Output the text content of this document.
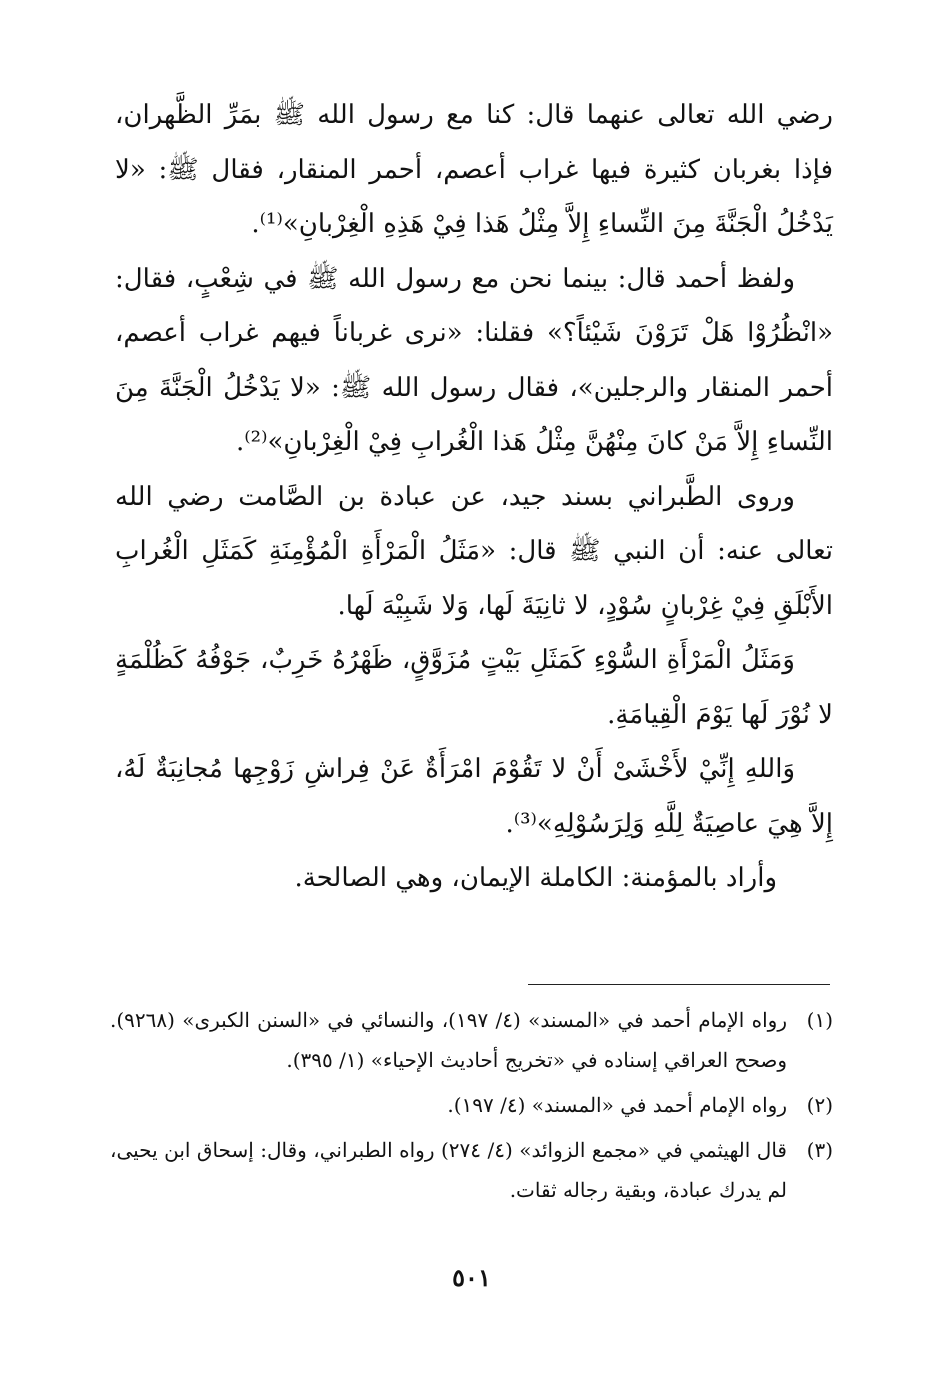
رضي الله تعالى عنهما قال: كنا مع رسول الله ﷺ بمَرِّ الظَّهران، فإذا بغربان كثيرة فيها غراب أعصم، أحمر المنقار، فقال ﷺ: «لا يَدْخُلُ الْجَنَّةَ مِنَ النِّساءِ إِلاَّ مِثْلُ هَذا فِيْ هَذِهِ الْغِرْبانِ»⁽¹⁾.

ولفظ أحمد قال: بينما نحن مع رسول الله ﷺ في شِعْبٍ، فقال: «انْظُرُوْا هَلْ تَرَوْنَ شَيْئاً؟» فقلنا: «نرى غرباناً فيهم غراب أعصم، أحمر المنقار والرجلين»، فقال رسول الله ﷺ: «لا يَدْخُلُ الْجَنَّةَ مِنَ النِّساءِ إِلاَّ مَنْ كانَ مِنْهُنَّ مِثْلُ هَذا الْغُرابِ فِيْ الْغِرْبانِ»⁽²⁾.

وروى الطَّبراني بسند جيد، عن عبادة بن الصَّامت رضي الله تعالى عنه: أن النبي ﷺ قال: «مَثَلُ الْمَرْأَةِ الْمُؤْمِنَةِ كَمَثَلِ الْغُرابِ الأَبْلَقِ فِيْ غِرْبانٍ سُوْدٍ، لا ثانِيَةَ لَها، وَلا شَبِيْهَ لَها.

وَمَثَلُ الْمَرْأَةِ السُّوْءِ كَمَثَلِ بَيْتٍ مُزَوَّقٍ، ظَهْرُهُ خَرِبٌ، جَوْفُهُ كَظُلْمَةٍ لا نُوْرَ لَها يَوْمَ الْقِيامَةِ.

وَاللهِ إِنِّيْ لأَخْشَىْ أَنْ لا تَقُوْمَ امْرَأَةٌ عَنْ فِراشِ زَوْجِها مُجانِبَةٌ لَهُ، إِلاَّ هِيَ عاصِيَةٌ لِلَّهِ وَلِرَسُوْلِهِ»⁽³⁾.

وأراد بالمؤمنة: الكاملة الإيمان، وهي الصالحة.

(١)
رواه الإمام أحمد في «المسند» (٤/ ١٩٧)، والنسائي في «السنن الكبرى» (٩٢٦٨). وصحح العراقي إسناده في «تخريج أحاديث الإحياء» (١/ ٣٩٥).
(٢)
رواه الإمام أحمد في «المسند» (٤/ ١٩٧).
(٣)
قال الهيثمي في «مجمع الزوائد» (٤/ ٢٧٤) رواه الطبراني، وقال: إسحاق ابن يحيى، لم يدرك عبادة، وبقية رجاله ثقات.
٥٠١
